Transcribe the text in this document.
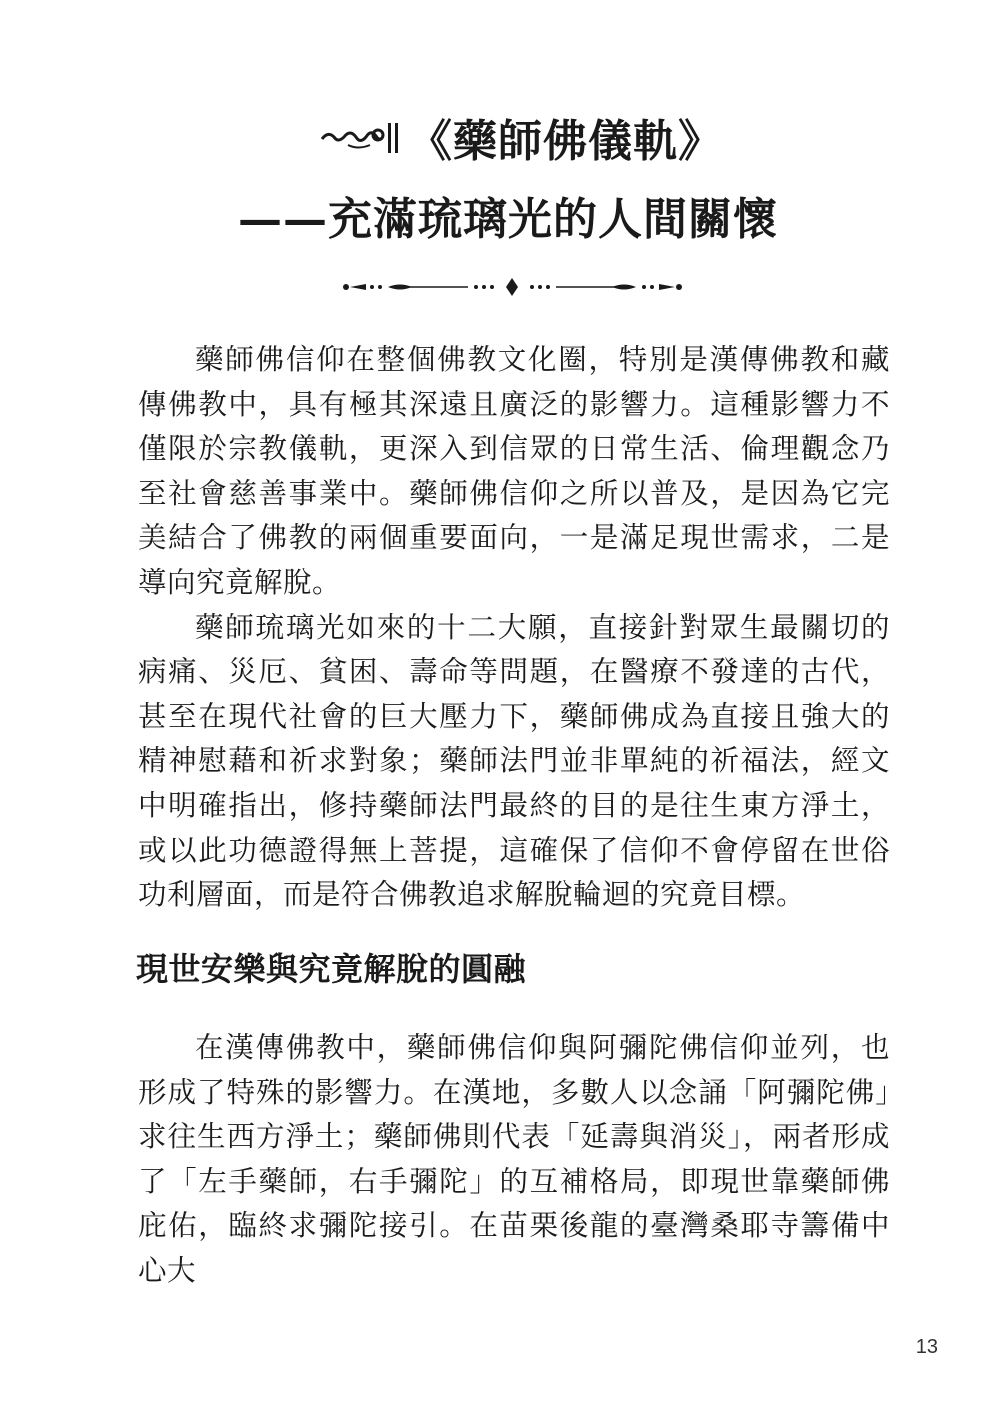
《藥師佛儀軌》
——充滿琉璃光的人間關懷

藥師佛信仰在整個佛教文化圈，特別是漢傳佛教和藏傳佛教中，具有極其深遠且廣泛的影響力。這種影響力不僅限於宗教儀軌，更深入到信眾的日常生活、倫理觀念乃至社會慈善事業中。藥師佛信仰之所以普及，是因為它完美結合了佛教的兩個重要面向，一是滿足現世需求，二是導向究竟解脫。

藥師琉璃光如來的十二大願，直接針對眾生最關切的病痛、災厄、貧困、壽命等問題，在醫療不發達的古代，甚至在現代社會的巨大壓力下，藥師佛成為直接且強大的精神慰藉和祈求對象；藥師法門並非單純的祈福法，經文中明確指出，修持藥師法門最終的目的是往生東方淨土，或以此功德證得無上菩提，這確保了信仰不會停留在世俗功利層面，而是符合佛教追求解脫輪迴的究竟目標。

現世安樂與究竟解脫的圓融

在漢傳佛教中，藥師佛信仰與阿彌陀佛信仰並列，也形成了特殊的影響力。在漢地，多數人以念誦「阿彌陀佛」求往生西方淨土；藥師佛則代表「延壽與消災」，兩者形成了「左手藥師，右手彌陀」的互補格局，即現世靠藥師佛庇佑，臨終求彌陀接引。在苗栗後龍的臺灣桑耶寺籌備中心大

13
